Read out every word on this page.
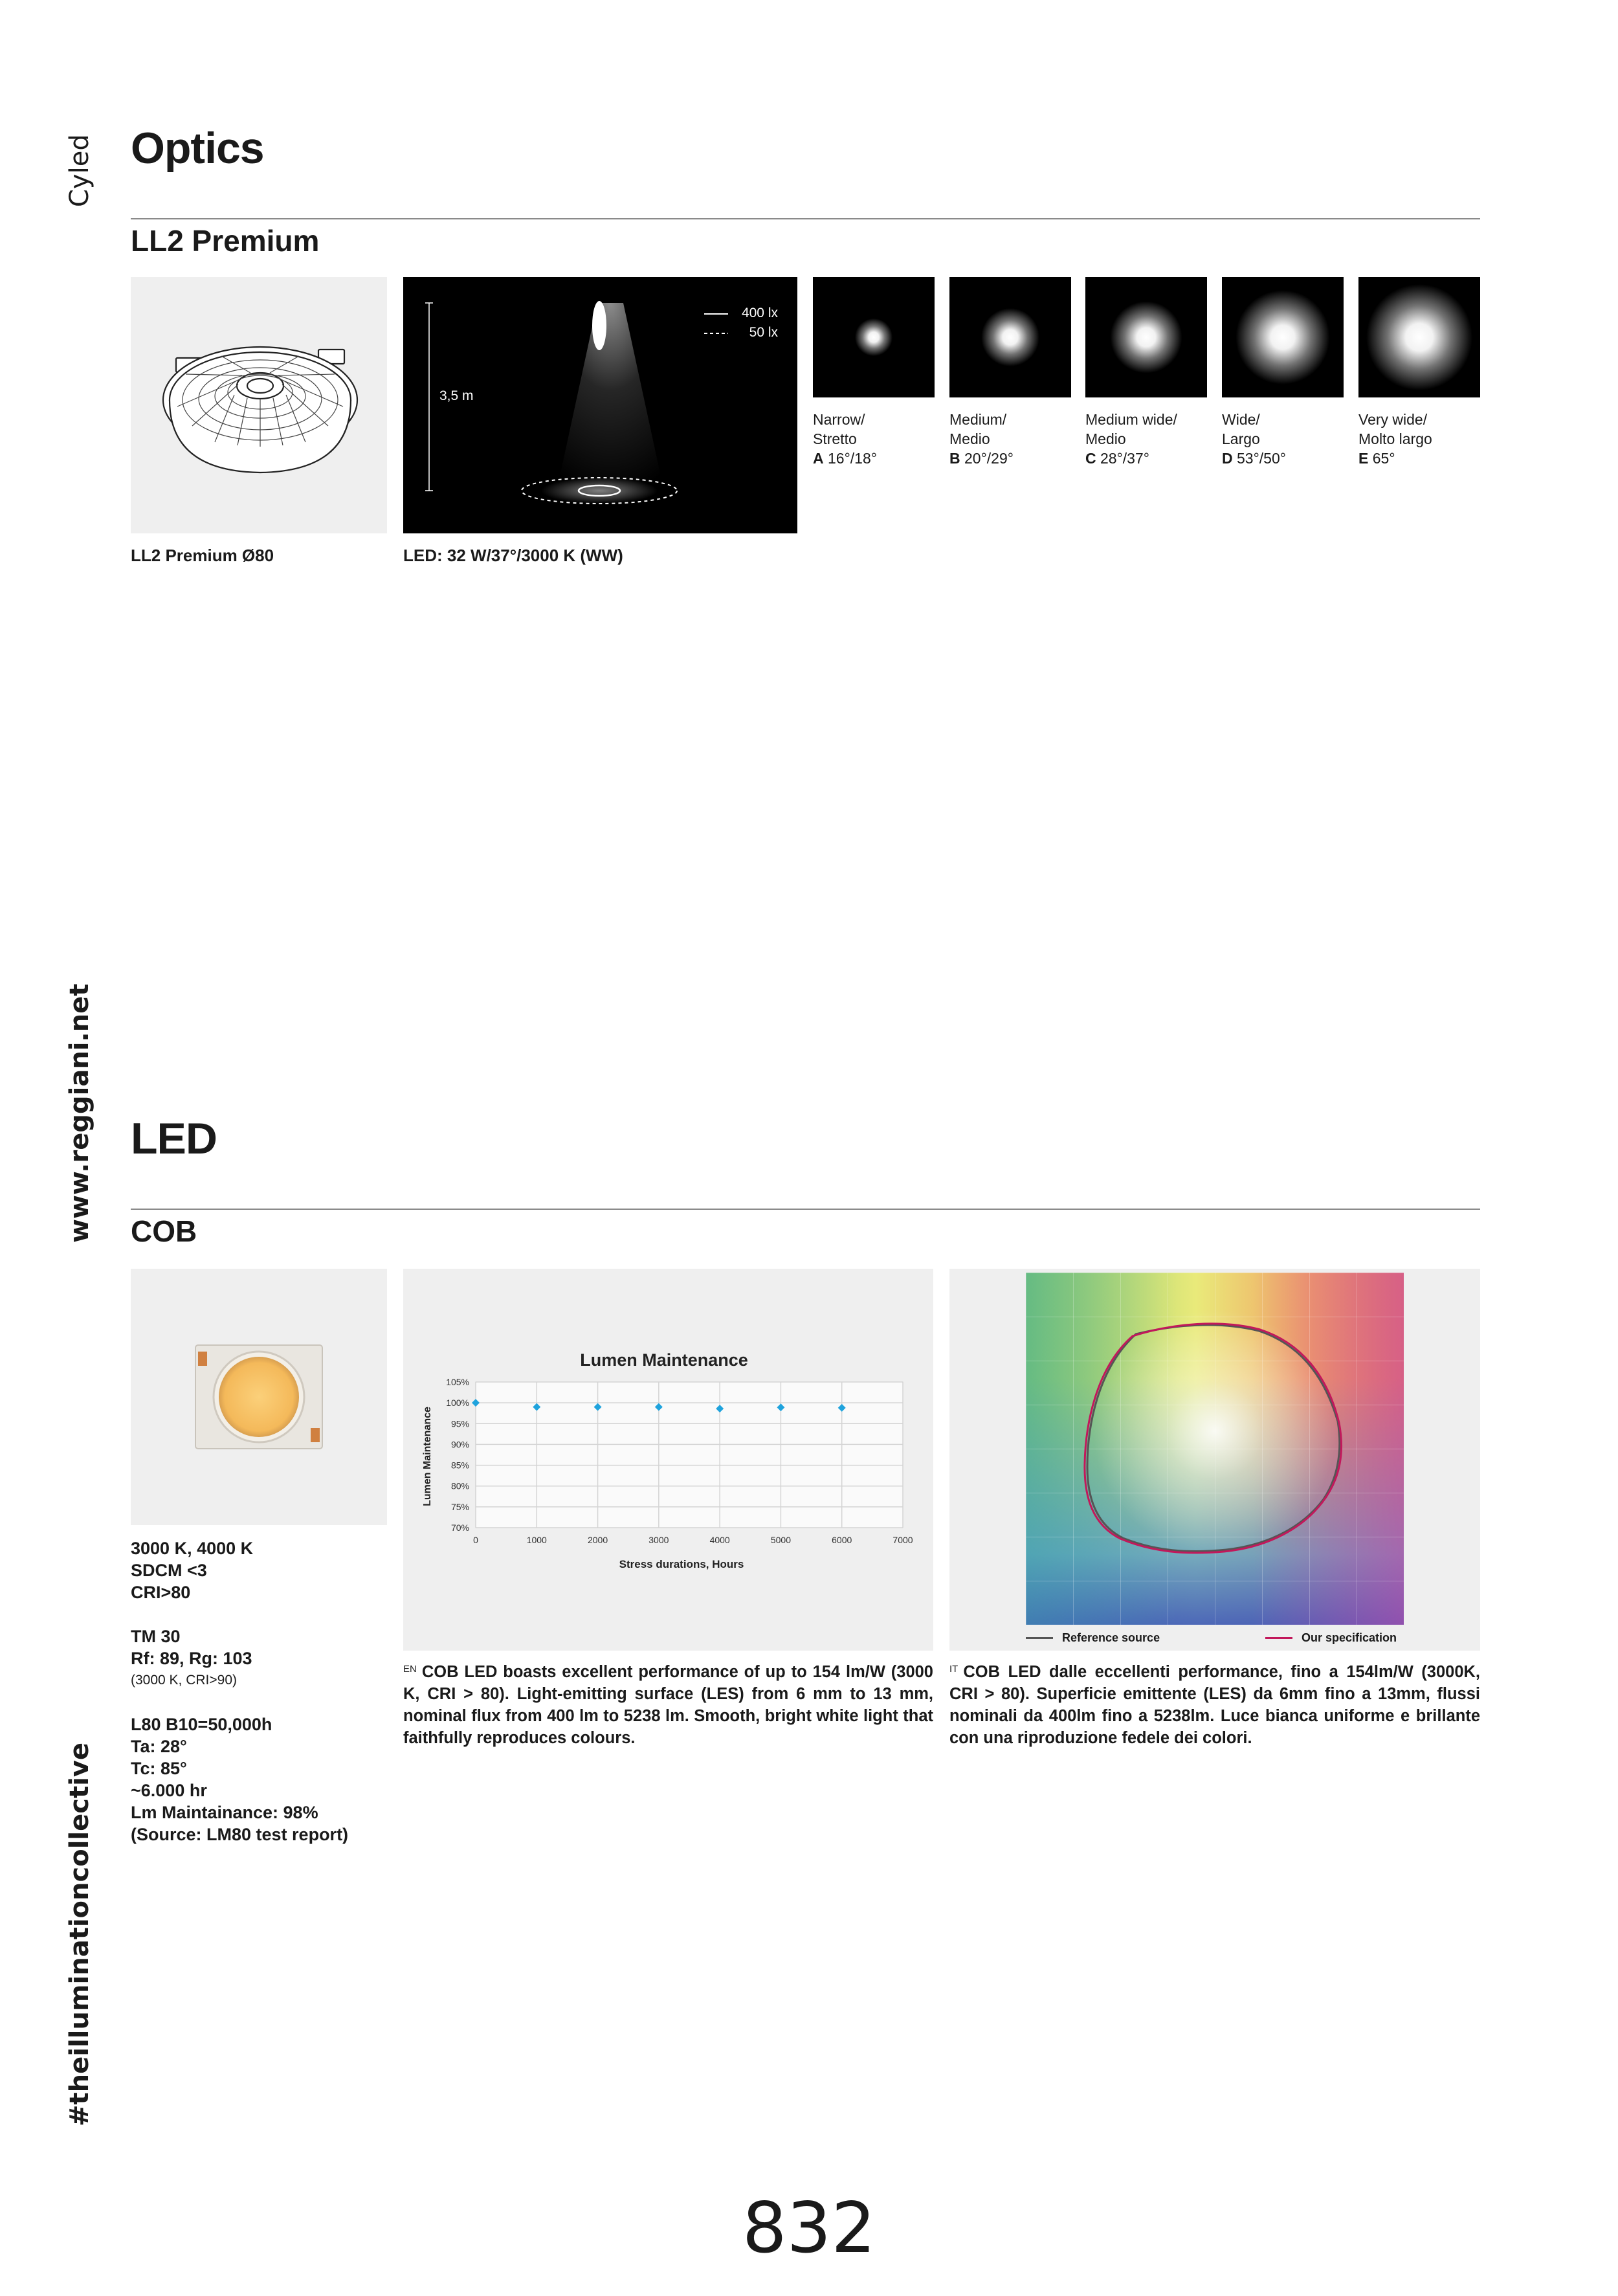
Cyled
www.reggiani.net
#theilluminationcollective
Optics
LL2 Premium
LL2 Premium Ø80
3,5 m
400 lx
50 lx
LED: 32 W/37°/3000 K (WW)
Narrow/
Stretto
A 16°/18°
Medium/
Medio
B 20°/29°
Medium wide/
Medio
C 28°/37°
Wide/
Largo
D 53°/50°
Very wide/
Molto largo
E 65°
LED
COB
3000 K, 4000 K
SDCM <3
CRI>80
TM 30
Rf: 89, Rg: 103
(3000 K, CRI>90)
L80 B10=50,000h
Ta: 28°
Tc: 85°
~6.000 hr
Lm Maintainance: 98%
(Source: LM80 test report)
Lumen Maintenance
Stress durations, Hours
Lumen Maintenance
70%
75%
80%
85%
90%
95%
100%
105%
0	1000	2000	3000	4000	5000	6000	7000
Reference source	Our specification
$^{EN}$ COB LED boasts excellent performance of up to 154 lm/W (3000 K, CRI > 80). Light-emitting surface (LES) from 6 mm to 13 mm, nominal flux from 400 lm to 5238 lm. Smooth, bright white light that faithfully reproduces colours.
$^{IT}$ COB LED dalle eccellenti performance, fino a 154lm/W (3000K, CRI > 80). Superficie emittente (LES) da 6mm fino a 13mm, flussi nominali da 400lm fino a 5238lm. Luce bianca uniforme e brillante con una riproduzione fedele dei colori.
832
